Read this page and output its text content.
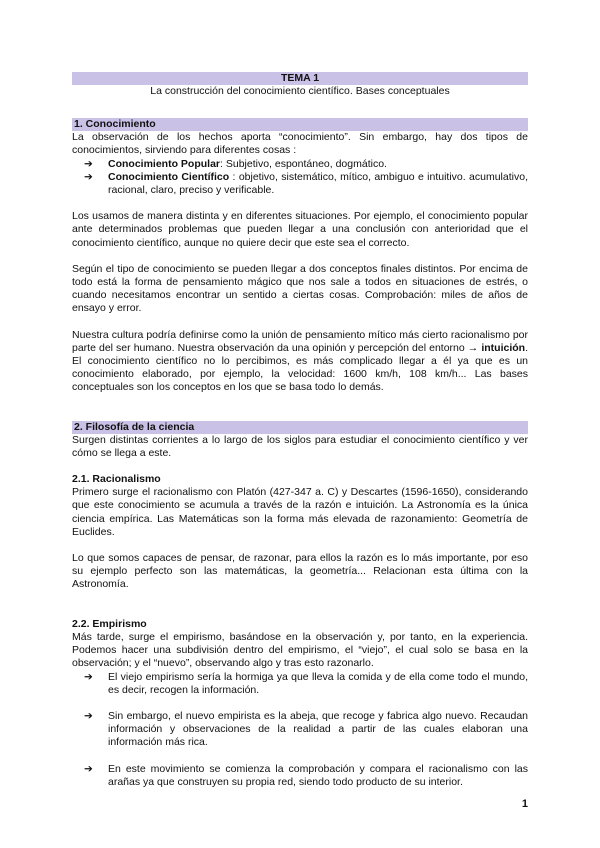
TEMA 1
La construcción del conocimiento científico. Bases conceptuales
1. Conocimiento

La observación de los hechos aporta “conocimiento”. Sin embargo, hay dos tipos de conocimientos, sirviendo para diferentes cosas :

➔ Conocimiento Popular: Subjetivo, espontáneo, dogmático.
➔ Conocimiento Científico : objetivo, sistemático, mítico, ambiguo e intuitivo. acumulativo, racional, claro, preciso y verificable.

Los usamos de manera distinta y en diferentes situaciones. Por ejemplo, el conocimiento popular ante determinados problemas que pueden llegar a una conclusión con anterioridad que el conocimiento científico, aunque no quiere decir que este sea el correcto.

Según el tipo de conocimiento se pueden llegar a dos conceptos finales distintos. Por encima de todo está la forma de pensamiento mágico que nos sale a todos en situaciones de estrés, o cuando necesitamos encontrar un sentido a ciertas cosas. Comprobación: miles de años de ensayo y error.

Nuestra cultura podría definirse como la unión de pensamiento mítico más cierto racionalismo por parte del ser humano. Nuestra observación da una opinión y percepción del entorno → intuición. El conocimiento científico no lo percibimos, es más complicado llegar a él ya que es un conocimiento elaborado, por ejemplo, la velocidad: 1600 km/h, 108 km/h... Las bases conceptuales son los conceptos en los que se basa todo lo demás.

2. Filosofía de la ciencia

Surgen distintas corrientes a lo largo de los siglos para estudiar el conocimiento científico y ver cómo se llega a este.

2.1. Racionalismo

Primero surge el racionalismo con Platón (427-347 a. C) y Descartes (1596-1650), considerando que este conocimiento se acumula a través de la razón e intuición. La Astronomía es la única ciencia empírica. Las Matemáticas son la forma más elevada de razonamiento: Geometría de Euclides.

Lo que somos capaces de pensar, de razonar, para ellos la razón es lo más importante, por eso su ejemplo perfecto son las matemáticas, la geometría... Relacionan esta última con la Astronomía.

2.2. Empirismo

Más tarde, surge el empirismo, basándose en la observación y, por tanto, en la experiencia. Podemos hacer una subdivisión dentro del empirismo, el “viejo”, el cual solo se basa en la observación; y el “nuevo”, observando algo y tras esto razonarlo.

➔ El viejo empirismo sería la hormiga ya que lleva la comida y de ella come todo el mundo, es decir, recogen la información.
➔ Sin embargo, el nuevo empirista es la abeja, que recoge y fabrica algo nuevo. Recaudan información y observaciones de la realidad a partir de las cuales elaboran una información más rica.
➔ En este movimiento se comienza la comprobación y compara el racionalismo con las arañas ya que construyen su propia red, siendo todo producto de su interior.
1
